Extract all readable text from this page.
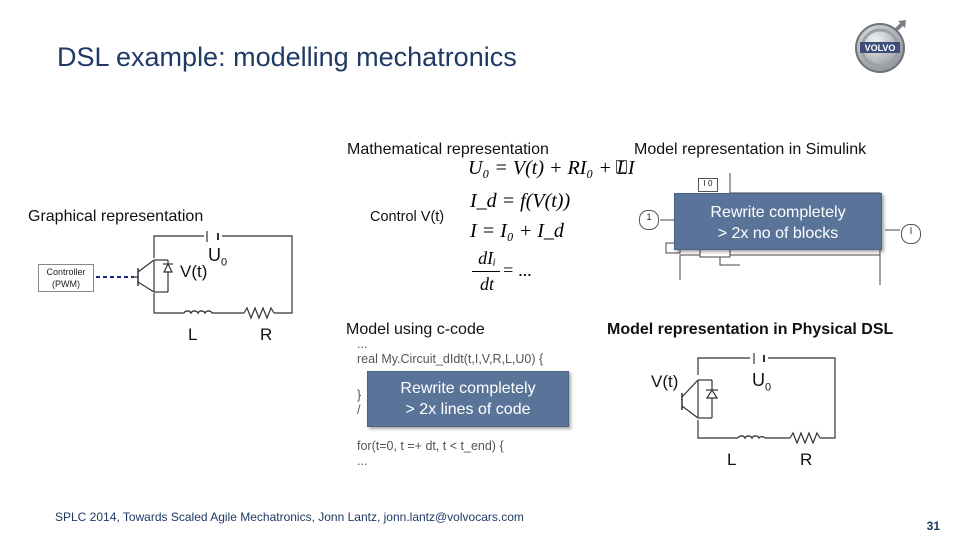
DSL example: modelling mechatronics	VOLVO
Graphical representation
Controller
(PWM)
V(t)
$U_0$
L	R
Mathematical representation
Control V(t)
U₀ = V(t) + RI₀ + LI
I_d = f(V(t))
I = I₀ + I_d
dIᵢ
dt
= ...
Model using c-code
...
real My.Circuit_dIdt(t,I,V,R,L,U0) {
}
/
for(t=0, t =+ dt, t < t_end) {
...
Rewrite completely
> 2x lines of code
Model representation in Simulink
I 0
1
I
Rewrite completely
> 2x no of blocks
Model representation in Physical DSL
V(t)	$U_0$
L	R
SPLC 2014, Towards Scaled Agile Mechatronics, Jonn Lantz, jonn.lantz@volvocars.com
31
